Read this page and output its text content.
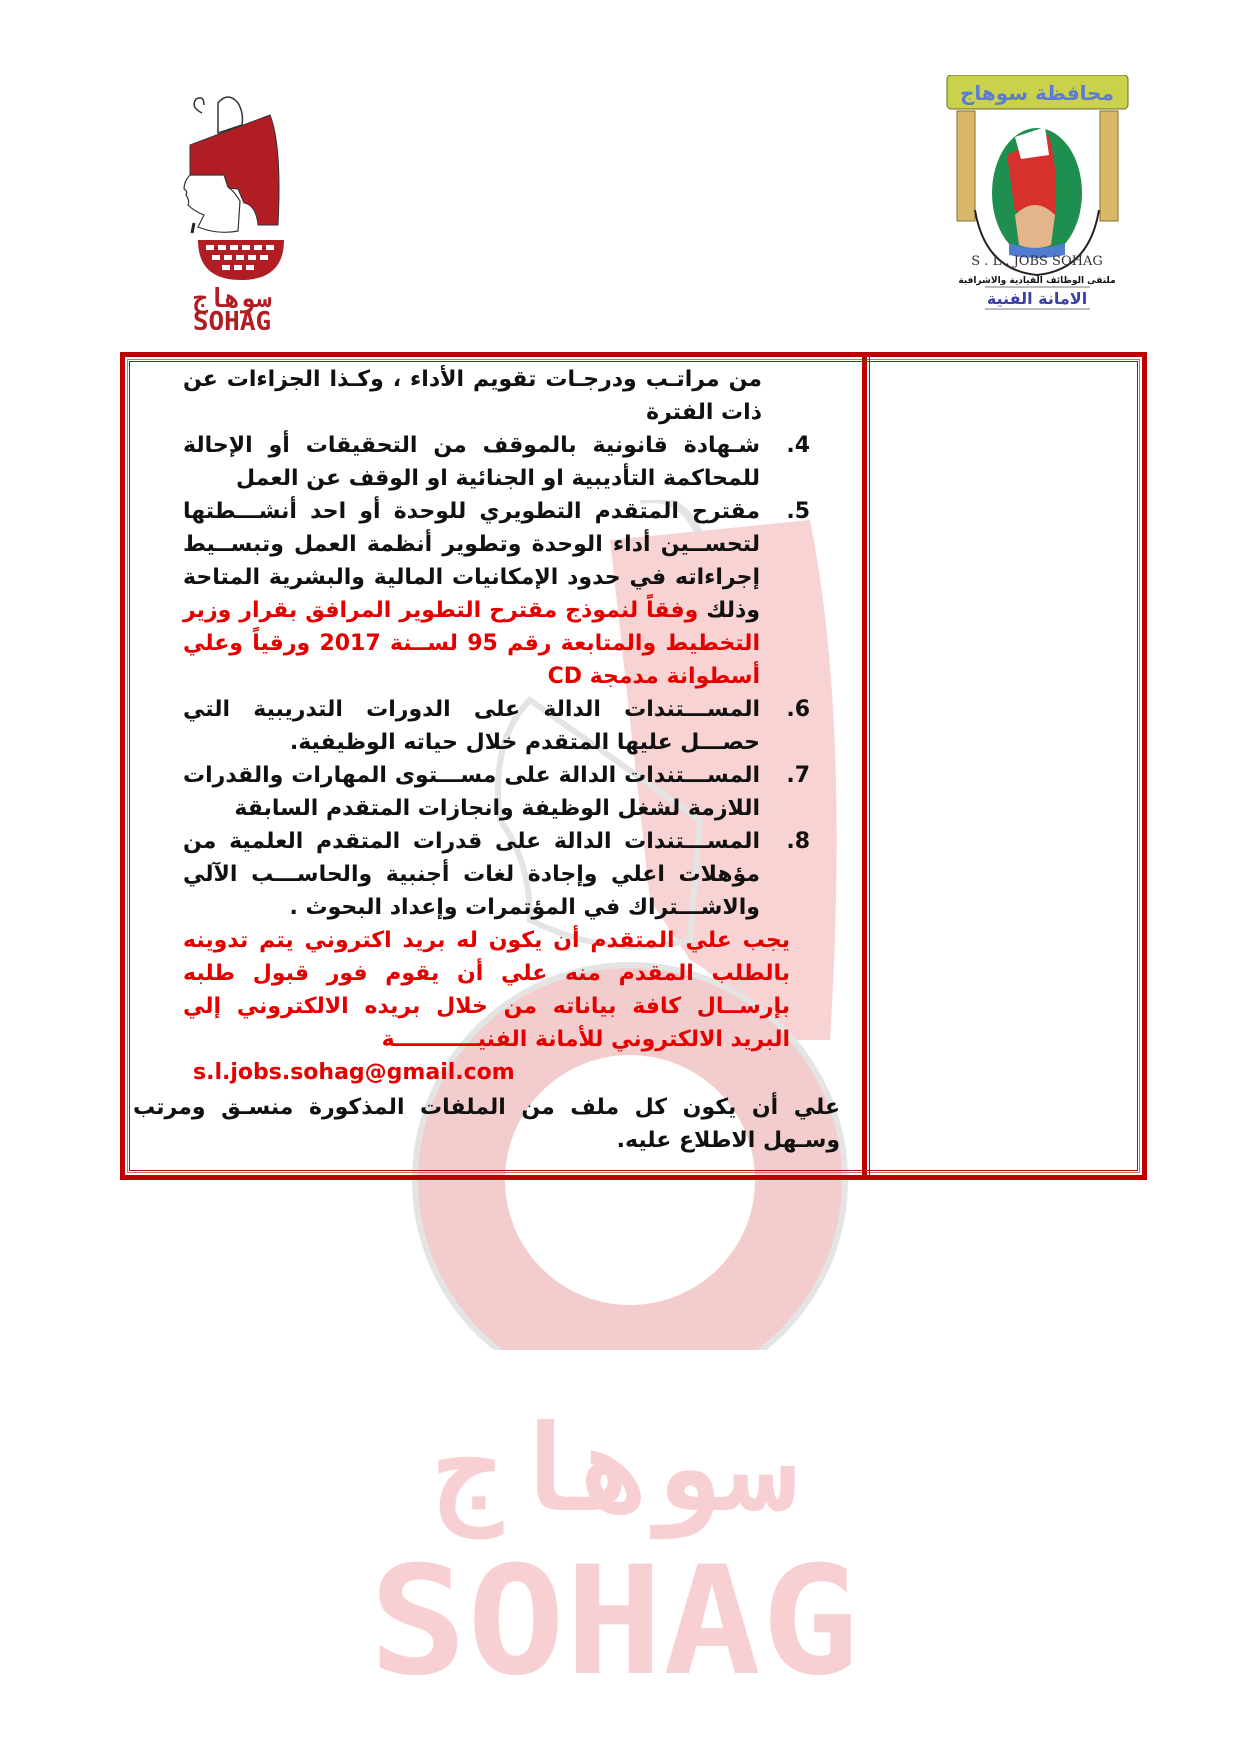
سوهاج
SOHAG
محافظة سوهاج
S . L . JOBS SOHAG
ملتقى الوظائف القيادية والاشرافية
الامانة الفنية
سوهاج
SOHAG
من مراتـب ودرجـات تقويم الأداء ، وكـذا الجزاءات عن ذات الفترة
4.
شـهادة قانونية بالموقف من التحقيقات أو الإحالة للمحاكمة التأديبية او الجنائية او الوقف عن العمل
5.
مقترح المتقدم التطويري للوحدة أو احد أنشـــطتها لتحســين أداء الوحدة وتطوير أنظمة العمل وتبســيط إجراءاته في حدود الإمكانيات المالية والبشرية المتاحة وذلك وفقاً لنموذج مقترح التطوير المرافق بقرار وزير التخطيط والمتابعة رقم 95 لســنة 2017 ورقياً وعلي أسطوانة مدمجة CD
6.
المســـتندات الدالة على الدورات التدريبية التي حصـــل عليها المتقدم خلال حياته الوظيفية.
7.
المســـتندات الدالة على مســـتوى المهارات والقدرات اللازمة لشغل الوظيفة وانجازات المتقدم السابقة
8.
المســـتندات الدالة على قدرات المتقدم العلمية من مؤهلات اعلي وإجادة لغات أجنبية والحاســـب الآلي والاشـــتراك في المؤتمرات وإعداد البحوث .
يجب علي المتقدم أن يكون له بريد اكتروني يتم تدوينه بالطلب المقدم منه علي أن يقوم فور قبول طلبه بإرســال كافة بياناته من خلال بريده الالكتروني إلي البريد الالكتروني للأمانة الفنيـــــــــــة
s.l.jobs.sohag@gmail.com
علي أن يكون كل ملف من الملفات المذكورة منسـق ومرتب وسـهل الاطلاع عليه.
